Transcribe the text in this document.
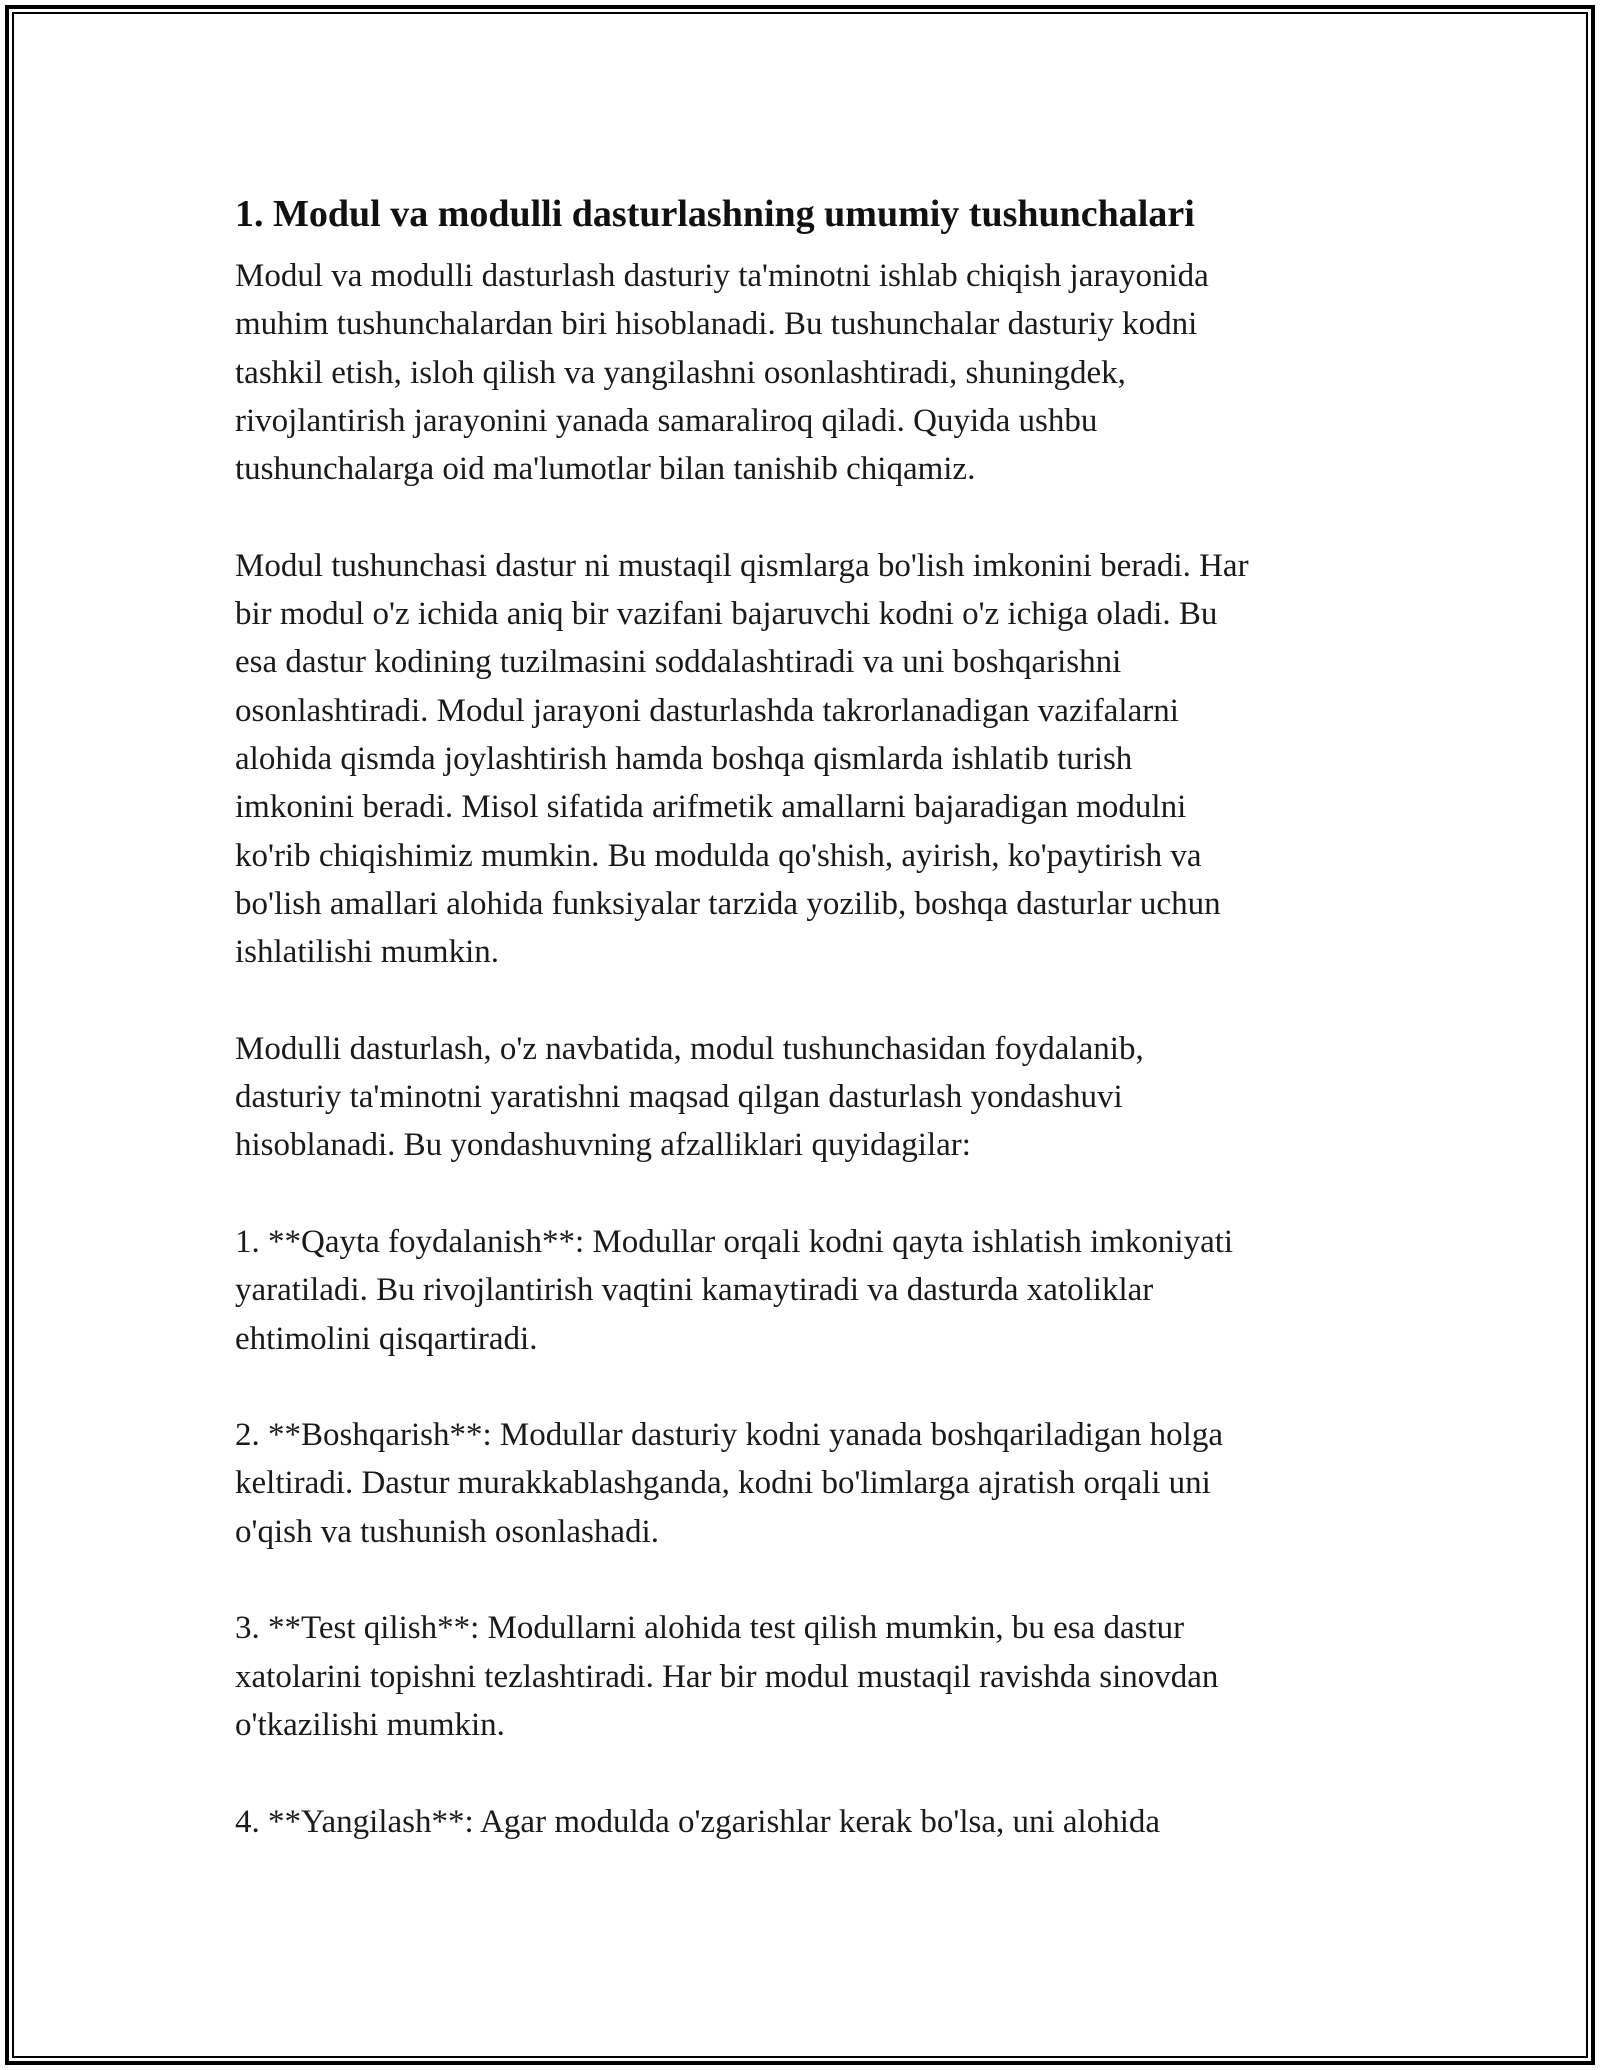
1. Modul va modulli dasturlashning umumiy tushunchalari
Modul va modulli dasturlash dasturiy ta'minotni ishlab chiqish jarayonida
muhim tushunchalardan biri hisoblanadi. Bu tushunchalar dasturiy kodni
tashkil etish, isloh qilish va yangilashni osonlashtiradi, shuningdek,
rivojlantirish jarayonini yanada samaraliroq qiladi. Quyida ushbu
tushunchalarga oid ma'lumotlar bilan tanishib chiqamiz.
Modul tushunchasi dastur ni mustaqil qismlarga bo'lish imkonini beradi. Har
bir modul o'z ichida aniq bir vazifani bajaruvchi kodni o'z ichiga oladi. Bu
esa dastur kodining tuzilmasini soddalashtiradi va uni boshqarishni
osonlashtiradi. Modul jarayoni dasturlashda takrorlanadigan vazifalarni
alohida qismda joylashtirish hamda boshqa qismlarda ishlatib turish
imkonini beradi. Misol sifatida arifmetik amallarni bajaradigan modulni
ko'rib chiqishimiz mumkin. Bu modulda qo'shish, ayirish, ko'paytirish va
bo'lish amallari alohida funksiyalar tarzida yozilib, boshqa dasturlar uchun
ishlatilishi mumkin.
Modulli dasturlash, o'z navbatida, modul tushunchasidan foydalanib,
dasturiy ta'minotni yaratishni maqsad qilgan dasturlash yondashuvi
hisoblanadi. Bu yondashuvning afzalliklari quyidagilar:
1. **Qayta foydalanish**: Modullar orqali kodni qayta ishlatish imkoniyati
yaratiladi. Bu rivojlantirish vaqtini kamaytiradi va dasturda xatoliklar
ehtimolini qisqartiradi.
2. **Boshqarish**: Modullar dasturiy kodni yanada boshqariladigan holga
keltiradi. Dastur murakkablashganda, kodni bo'limlarga ajratish orqali uni
o'qish va tushunish osonlashadi.
3. **Test qilish**: Modullarni alohida test qilish mumkin, bu esa dastur
xatolarini topishni tezlashtiradi. Har bir modul mustaqil ravishda sinovdan
o'tkazilishi mumkin.
4. **Yangilash**: Agar modulda o'zgarishlar kerak bo'lsa, uni alohida
